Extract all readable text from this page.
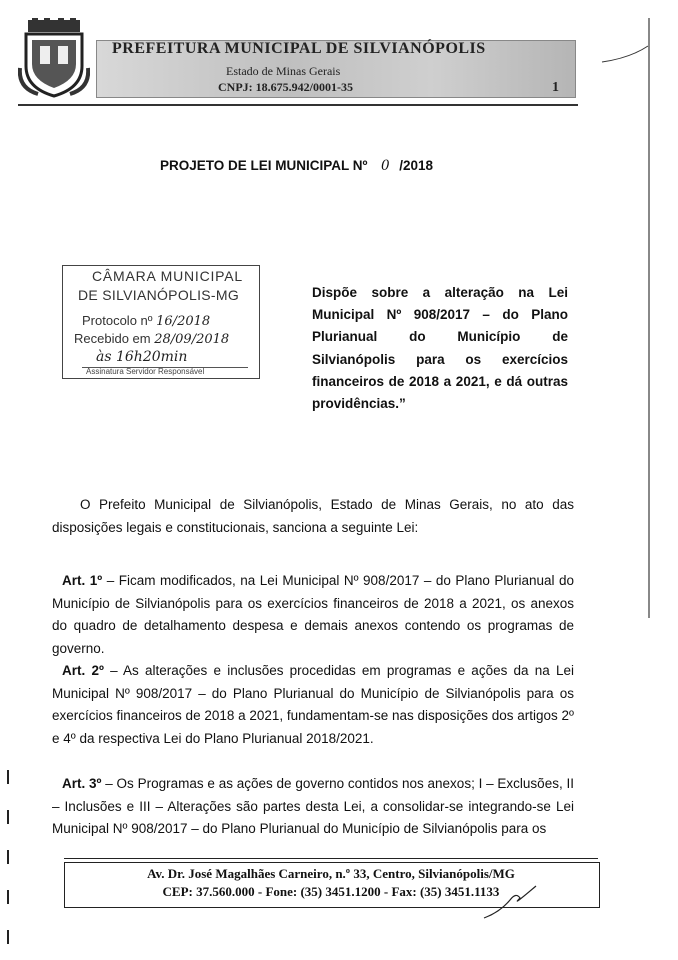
PREFEITURA MUNICIPAL DE SILVIANÓPOLIS
Estado de Minas Gerais
CNPJ: 18.675.942/0001-35	1
PROJETO DE LEI MUNICIPAL Nº 0 /2018
CÂMARA MUNICIPAL
DE SILVIANÓPOLIS-MG
Protocolo nº 16/2018
Recebido em 28/09/2018
às 16h20min
Assinatura Servidor Responsável
Dispõe sobre a alteração na Lei Municipal Nº 908/2017 – do Plano Plurianual do Município de Silvianópolis para os exercícios financeiros de 2018 a 2021, e dá outras providências.”
O Prefeito Municipal de Silvianópolis, Estado de Minas Gerais, no ato das disposições legais e constitucionais, sanciona a seguinte Lei:
Art. 1º – Ficam modificados, na Lei Municipal Nº 908/2017 – do Plano Plurianual do Município de Silvianópolis para os exercícios financeiros de 2018 a 2021, os anexos do quadro de detalhamento despesa e demais anexos contendo os programas de governo.
Art. 2º – As alterações e inclusões procedidas em programas e ações da na Lei Municipal Nº 908/2017 – do Plano Plurianual do Município de Silvianópolis para os exercícios financeiros de 2018 a 2021, fundamentam-se nas disposições dos artigos 2º e 4º da respectiva Lei do Plano Plurianual 2018/2021.
Art. 3º – Os Programas e as ações de governo contidos nos anexos; I – Exclusões, II – Inclusões e III – Alterações são partes desta Lei, a consolidar-se integrando-se Lei Municipal Nº 908/2017 – do Plano Plurianual do Município de Silvianópolis para os
Av. Dr. José Magalhães Carneiro, n.º 33, Centro, Silvianópolis/MG
CEP: 37.560.000 - Fone: (35) 3451.1200 - Fax: (35) 3451.1133
